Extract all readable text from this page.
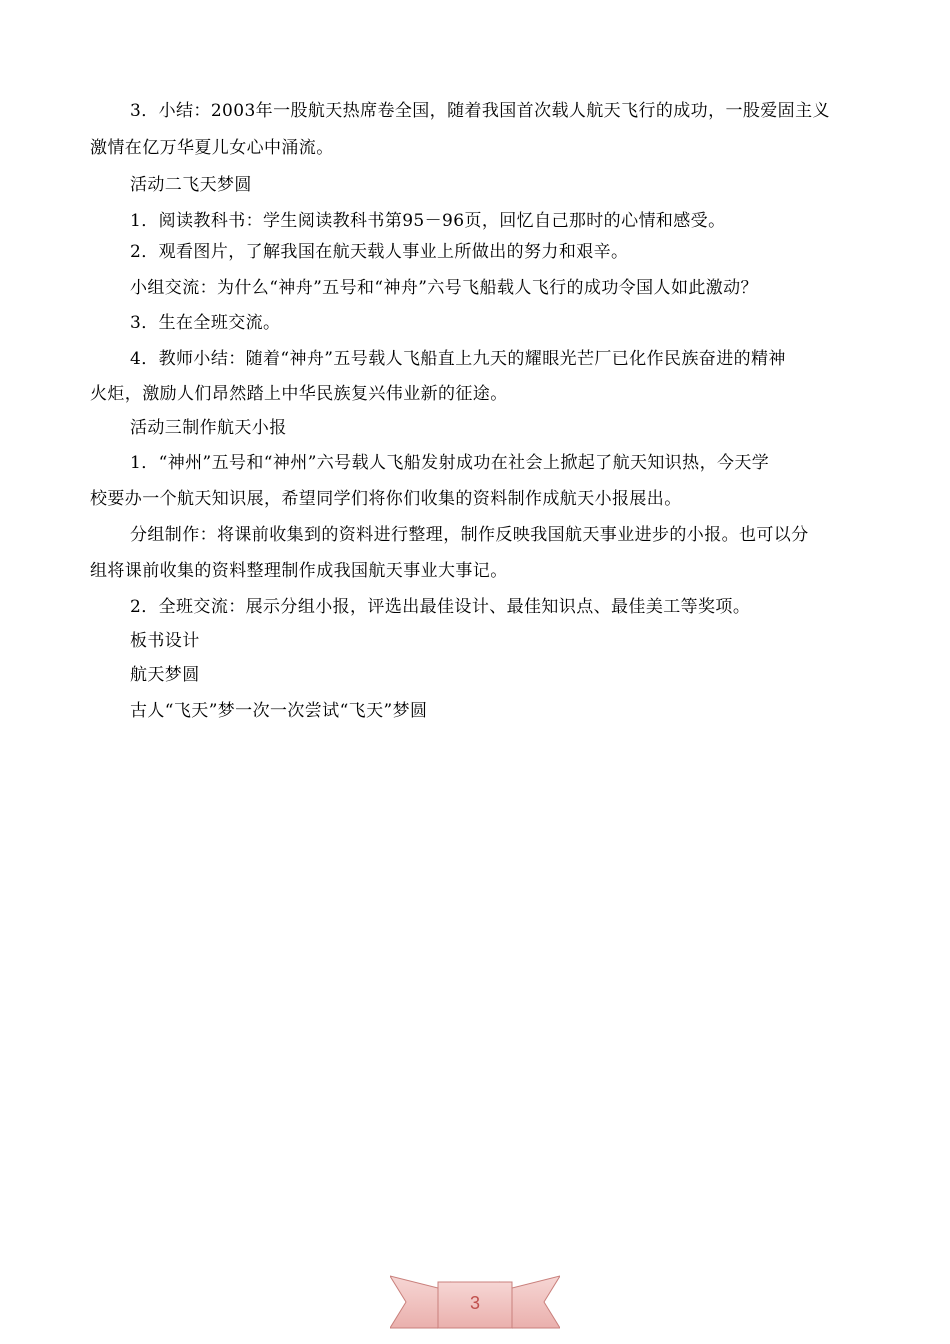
3．小结：2003年一股航天热席卷全国，随着我国首次载人航天飞行的成功，一股爱固主义
激情在亿万华夏儿女心中涌流。
活动二飞天梦圆
1．阅读教科书：学生阅读教科书第95－96页，回忆自己那时的心情和感受。
2．观看图片，了解我国在航天载人事业上所做出的努力和艰辛。
小组交流：为什么“神舟”五号和“神舟”六号飞船载人飞行的成功令国人如此激动？
3．生在全班交流。
4．教师小结：随着“神舟”五号载人飞船直上九天的耀眼光芒厂已化作民族奋进的精神
火炬，激励人们昂然踏上中华民族复兴伟业新的征途。
活动三制作航天小报
1．“神州”五号和“神州”六号载人飞船发射成功在社会上掀起了航天知识热，今天学
校要办一个航天知识展，希望同学们将你们收集的资料制作成航天小报展出。
分组制作：将课前收集到的资料进行整理，制作反映我国航天事业进步的小报。也可以分
组将课前收集的资料整理制作成我国航天事业大事记。
2．全班交流：展示分组小报，评选出最佳设计、最佳知识点、最佳美工等奖项。
板书设计
航天梦圆
古人“飞天”梦一次一次尝试“飞天”梦圆
3
